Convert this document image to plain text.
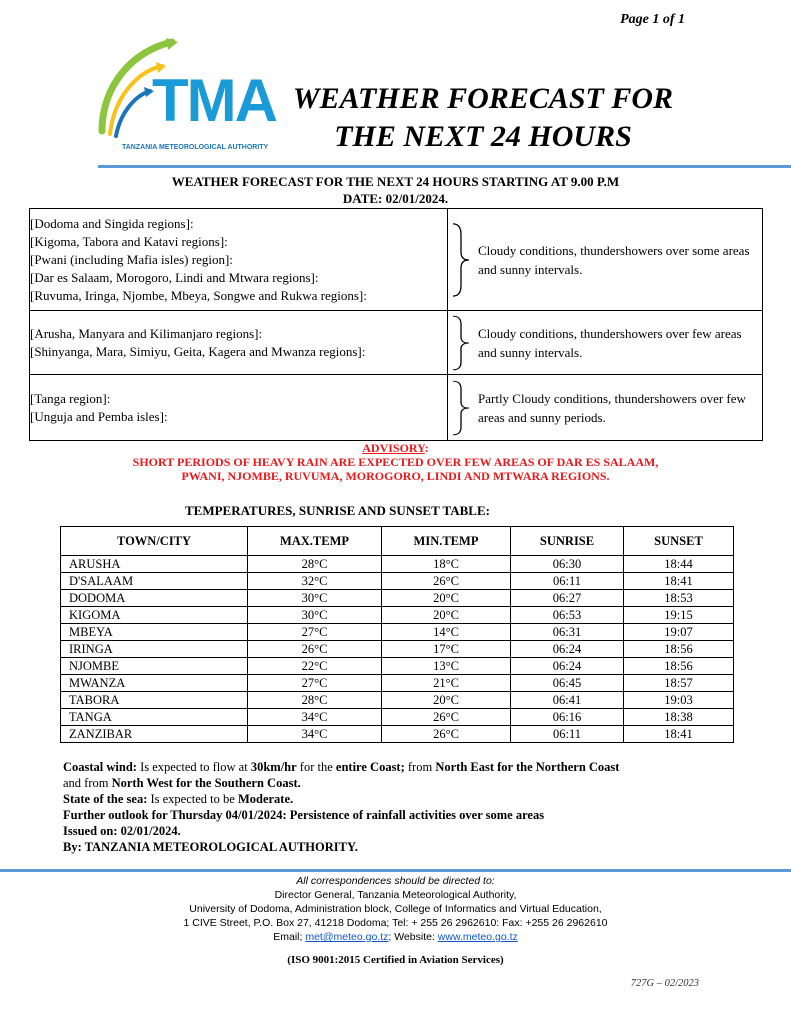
Page 1 of 1
TMA
TANZANIA METEOROLOGICAL AUTHORITY
WEATHER FORECAST FOR
THE NEXT 24 HOURS
WEATHER FORECAST FOR THE NEXT 24 HOURS STARTING AT 9.00 P.M
DATE: 02/01/2024.
[Dodoma and Singida regions]:
[Kigoma, Tabora and Katavi regions]:
[Pwani (including Mafia isles) region]:
[Dar es Salaam, Morogoro, Lindi and Mtwara regions]:
[Ruvuma, Iringa, Njombe, Mbeya, Songwe and Rukwa regions]:	Cloudy conditions, thundershowers over some areas and sunny intervals.

[Arusha, Manyara and Kilimanjaro regions]:
[Shinyanga, Mara, Simiyu, Geita, Kagera and Mwanza regions]:	Cloudy conditions, thundershowers over few areas and sunny intervals.

[Tanga region]:
[Unguja and Pemba isles]:	Partly Cloudy conditions, thundershowers over few areas and sunny periods.
ADVISORY:
SHORT PERIODS OF HEAVY RAIN ARE EXPECTED OVER FEW AREAS OF DAR ES SALAAM,
PWANI, NJOMBE, RUVUMA, MOROGORO, LINDI AND MTWARA REGIONS.
TEMPERATURES, SUNRISE AND SUNSET TABLE:
TOWN/CITY	MAX.TEMP	MIN.TEMP	SUNRISE	SUNSET
ARUSHA	28°C	18°C	06:30	18:44
D'SALAAM	32°C	26°C	06:11	18:41
DODOMA	30°C	20°C	06:27	18:53
KIGOMA	30°C	20°C	06:53	19:15
MBEYA	27°C	14°C	06:31	19:07
IRINGA	26°C	17°C	06:24	18:56
NJOMBE	22°C	13°C	06:24	18:56
MWANZA	27°C	21°C	06:45	18:57
TABORA	28°C	20°C	06:41	19:03
TANGA	34°C	26°C	06:16	18:38
ZANZIBAR	34°C	26°C	06:11	18:41
Coastal wind: Is expected to flow at 30km/hr for the entire Coast; from North East for the Northern Coast
and from North West for the Southern Coast.
State of the sea: Is expected to be Moderate.
Further outlook for Thursday 04/01/2024: Persistence of rainfall activities over some areas
Issued on: 02/01/2024.
By: TANZANIA METEOROLOGICAL AUTHORITY.
All correspondences should be directed to:
Director General, Tanzania Meteorological Authority,
University of Dodoma, Administration block, College of Informatics and Virtual Education,
1 CIVE Street, P.O. Box 27, 41218 Dodoma; Tel: + 255 26 2962610: Fax: +255 26 2962610
Email; met@meteo.go.tz; Website: www.meteo.go.tz
(ISO 9001:2015 Certified in Aviation Services)
727G – 02/2023
